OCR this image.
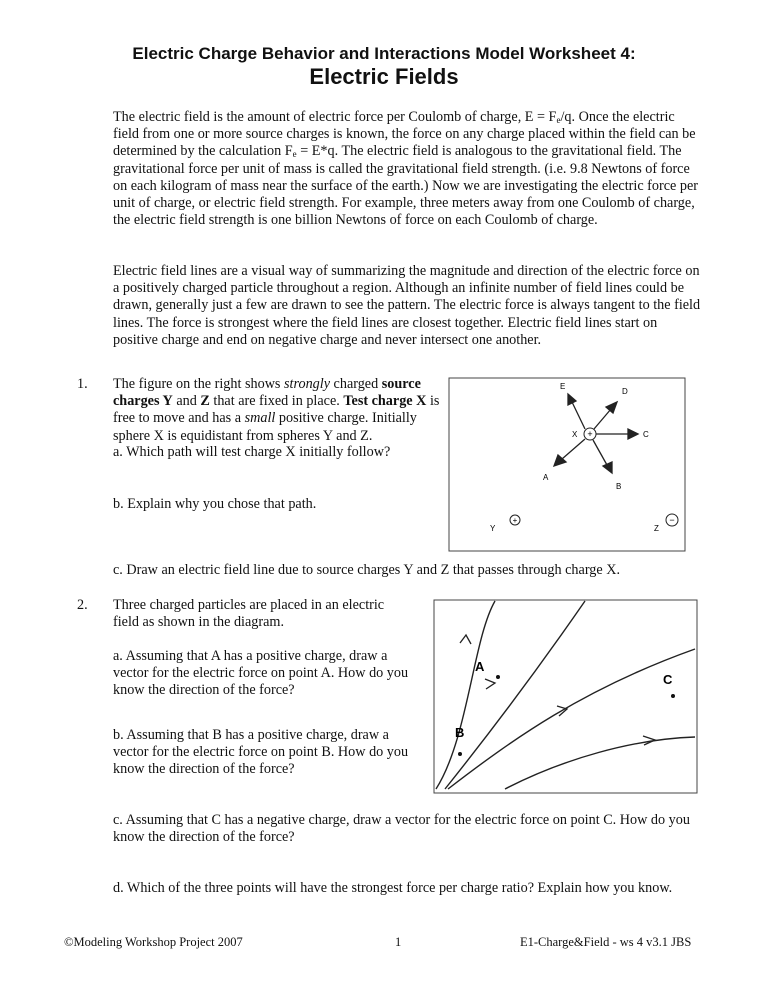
Electric Charge Behavior and Interactions Model Worksheet 4:
Electric Fields
The electric field is the amount of electric force per Coulomb of charge, $E = F_e/q$. Once the electric field from one or more source charges is known, the force on any charge placed within the field can be determined by the calculation $F_e = E*q$. The electric field is analogous to the gravitational field. The gravitational force per unit of mass is called the gravitational field strength. (i.e. 9.8 Newtons of force on each kilogram of mass near the surface of the earth.) Now we are investigating the electric force per unit of charge, or electric field strength. For example, three meters away from one Coulomb of charge, the electric field strength is one billion Newtons of force on each Coulomb of charge.
Electric field lines are a visual way of summarizing the magnitude and direction of the electric force on a positively charged particle throughout a region. Although an infinite number of field lines could be drawn, generally just a few are drawn to see the pattern. The electric force is always tangent to the field lines. The force is strongest where the field lines are closest together. Electric field lines start on positive charge and end on negative charge and never intersect one another.
1. The figure on the right shows strongly charged source charges Y and Z that are fixed in place. Test charge X is free to move and has a small positive charge. Initially sphere X is equidistant from spheres Y and Z.
a. Which path will test charge X initially follow?
b. Explain why you chose that path.
c. Draw an electric field line due to source charges Y and Z that passes through charge X.
+
E
D
X	C
A
B
Y
+
Z
−
2. Three charged particles are placed in an electric field as shown in the diagram.
a. Assuming that A has a positive charge, draw a vector for the electric force on point A. How do you know the direction of the force?
b. Assuming that B has a positive charge, draw a vector for the electric force on point B. How do you know the direction of the force?
c. Assuming that C has a negative charge, draw a vector for the electric force on point C. How do you know the direction of the force?
d. Which of the three points will have the strongest force per charge ratio? Explain how you know.
A
B
C
©Modeling Workshop Project 2007	1	E1-Charge&Field - ws 4 v3.1 JBS
